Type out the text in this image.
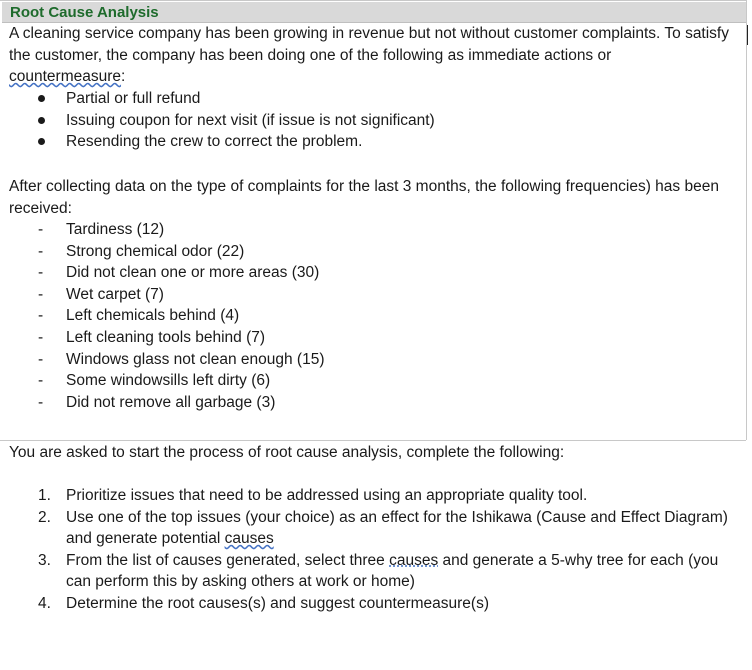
Root Cause Analysis

A cleaning service company has been growing in revenue but not without customer complaints. To satisfy the customer, the company has been doing one of the following as immediate actions or countermeasure:

Partial or full refund
Issuing coupon for next visit (if issue is not significant)
Resending the crew to correct the problem.

After collecting data on the type of complaints for the last 3 months, the following frequencies) has been received:

- Tardiness (12)
- Strong chemical odor (22)
- Did not clean one or more areas (30)
- Wet carpet (7)
- Left chemicals behind (4)
- Left cleaning tools behind (7)
- Windows glass not clean enough (15)
- Some windowsills left dirty (6)
- Did not remove all garbage (3)

You are asked to start the process of root cause analysis, complete the following:

1. Prioritize issues that need to be addressed using an appropriate quality tool.
2. Use one of the top issues (your choice) as an effect for the Ishikawa (Cause and Effect Diagram) and generate potential causes
3. From the list of causes generated, select three causes and generate a 5-why tree for each (you can perform this by asking others at work or home)
4. Determine the root causes(s) and suggest countermeasure(s)
